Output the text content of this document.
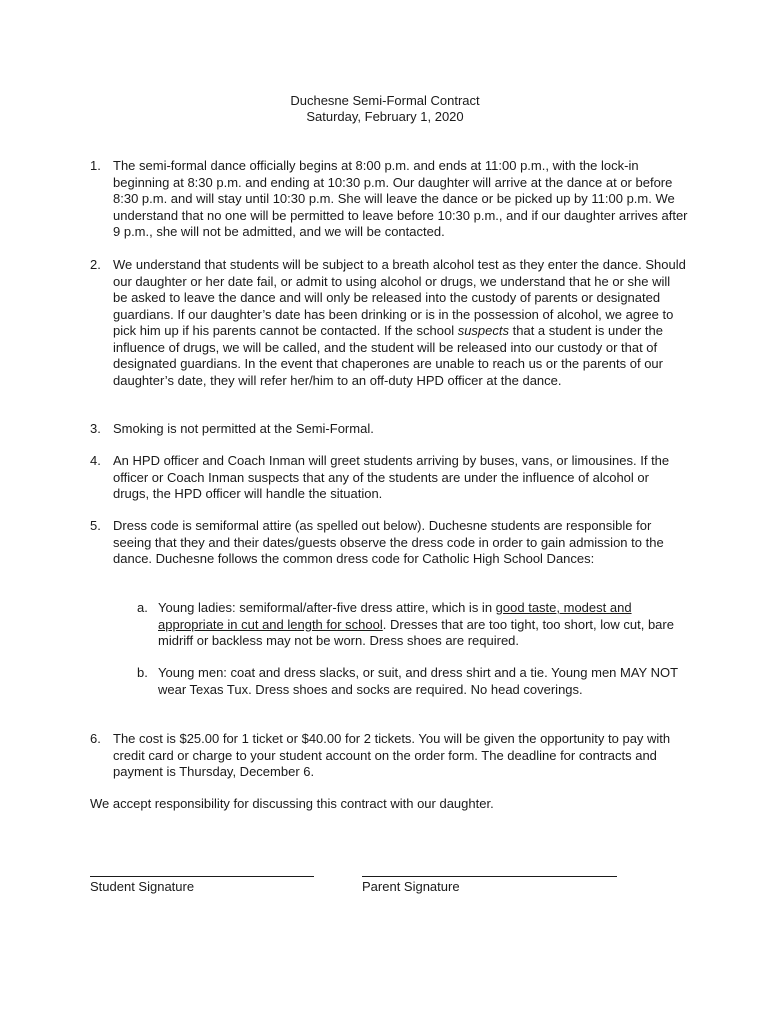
Duchesne Semi-Formal Contract
Saturday, February 1, 2020
1. The semi-formal dance officially begins at 8:00 p.m. and ends at 11:00 p.m., with the lock-in beginning at 8:30 p.m. and ending at 10:30 p.m. Our daughter will arrive at the dance at or before 8:30 p.m. and will stay until 10:30 p.m. She will leave the dance or be picked up by 11:00 p.m. We understand that no one will be permitted to leave before 10:30 p.m., and if our daughter arrives after 9 p.m., she will not be admitted, and we will be contacted.
2. We understand that students will be subject to a breath alcohol test as they enter the dance. Should our daughter or her date fail, or admit to using alcohol or drugs, we understand that he or she will be asked to leave the dance and will only be released into the custody of parents or designated guardians. If our daughter’s date has been drinking or is in the possession of alcohol, we agree to pick him up if his parents cannot be contacted. If the school suspects that a student is under the influence of drugs, we will be called, and the student will be released into our custody or that of designated guardians. In the event that chaperones are unable to reach us or the parents of our daughter’s date, they will refer her/him to an off-duty HPD officer at the dance.
3. Smoking is not permitted at the Semi-Formal.
4. An HPD officer and Coach Inman will greet students arriving by buses, vans, or limousines. If the officer or Coach Inman suspects that any of the students are under the influence of alcohol or drugs, the HPD officer will handle the situation.
5. Dress code is semiformal attire (as spelled out below). Duchesne students are responsible for seeing that they and their dates/guests observe the dress code in order to gain admission to the dance. Duchesne follows the common dress code for Catholic High School Dances:
a. Young ladies: semiformal/after-five dress attire, which is in good taste, modest and appropriate in cut and length for school. Dresses that are too tight, too short, low cut, bare midriff or backless may not be worn. Dress shoes are required.
b. Young men: coat and dress slacks, or suit, and dress shirt and a tie. Young men MAY NOT wear Texas Tux. Dress shoes and socks are required. No head coverings.
6. The cost is $25.00 for 1 ticket or $40.00 for 2 tickets. You will be given the opportunity to pay with credit card or charge to your student account on the order form. The deadline for contracts and payment is Thursday, December 6.
We accept responsibility for discussing this contract with our daughter.
Student Signature	Parent Signature
